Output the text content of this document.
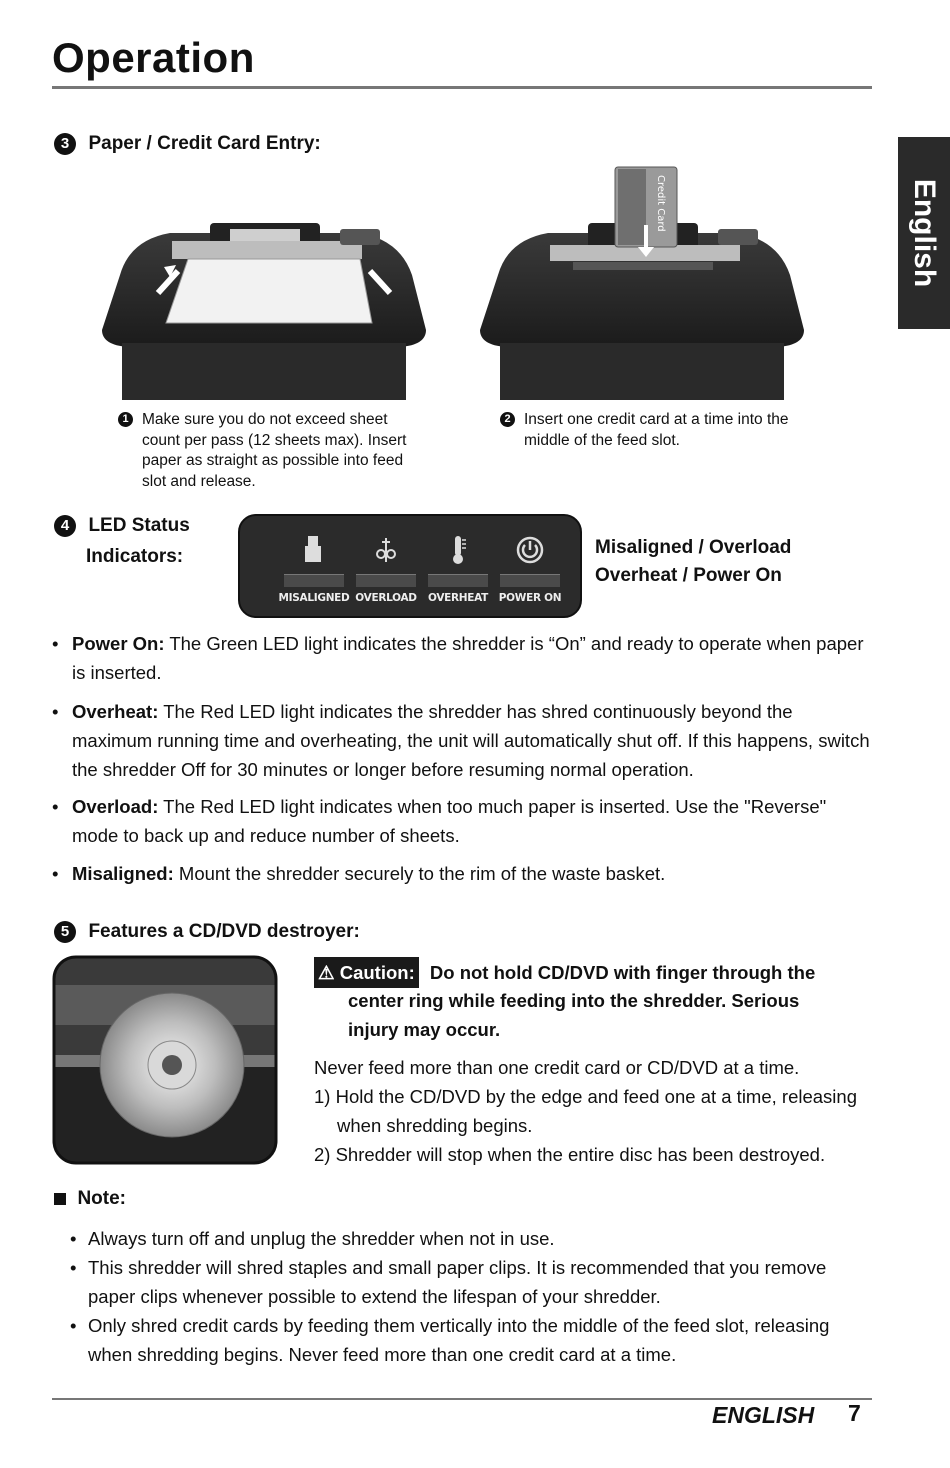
Operation
English
3 Paper / Credit Card Entry:
Credit Card
1 Make sure you do not exceed sheet count per pass (12 sheets max). Insert paper as straight as possible into feed slot and release.
2 Insert one credit card at a time into the middle of the feed slot.
4 LED Status
Indicators:
MISALIGNED OVERLOAD	OVERHEAT	POWER ON
Misaligned / Overload
Overheat / Power On
• Power On: The Green LED light indicates the shredder is “On” and ready to operate when paper is inserted.
• Overheat: The Red LED light indicates the shredder has shred continuously beyond the maximum running time and overheating, the unit will automatically shut off. If this happens, switch the shredder Off for 30 minutes or longer before resuming normal operation.
• Overload: The Red LED light indicates when too much paper is inserted. Use the "Reverse" mode to back up and reduce number of sheets.
• Misaligned: Mount the shredder securely to the rim of the waste basket.
5 Features a CD/DVD destroyer:
⚠ Caution: Do not hold CD/DVD with finger through the
center ring while feeding into the shredder. Serious
injury may occur.
Never feed more than one credit card or CD/DVD at a time.
1) Hold the CD/DVD by the edge and feed one at a time, releasing
when shredding begins.
2) Shredder will stop when the entire disc has been destroyed.
Note:
• Always turn off and unplug the shredder when not in use.
• This shredder will shred staples and small paper clips. It is recommended that you remove paper clips whenever possible to extend the lifespan of your shredder.
• Only shred credit cards by feeding them vertically into the middle of the feed slot, releasing when shredding begins. Never feed more than one credit card at a time.
ENGLISH 7
